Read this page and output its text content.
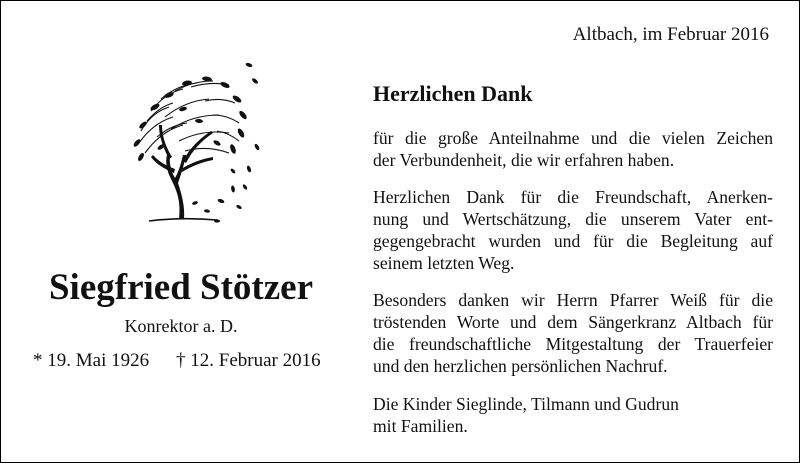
Altbach, im Februar 2016
Siegfried Stötzer
Konrektor a. D.
* 19. Mai 1926 † 12. Februar 2016
Herzlichen Dank
für die große Anteilnahme und die vielen Zeichen
der Verbundenheit, die wir erfahren haben.
Herzlichen Dank für die Freundschaft, Anerken-
nung und Wertschätzung, die unserem Vater ent-
gegengebracht wurden und für die Begleitung auf
seinem letzten Weg.
Besonders danken wir Herrn Pfarrer Weiß für die
tröstenden Worte und dem Sängerkranz Altbach für
die freundschaftliche Mitgestaltung der Trauerfeier
und den herzlichen persönlichen Nachruf.
Die Kinder Sieglinde, Tilmann und Gudrun
mit Familien.
